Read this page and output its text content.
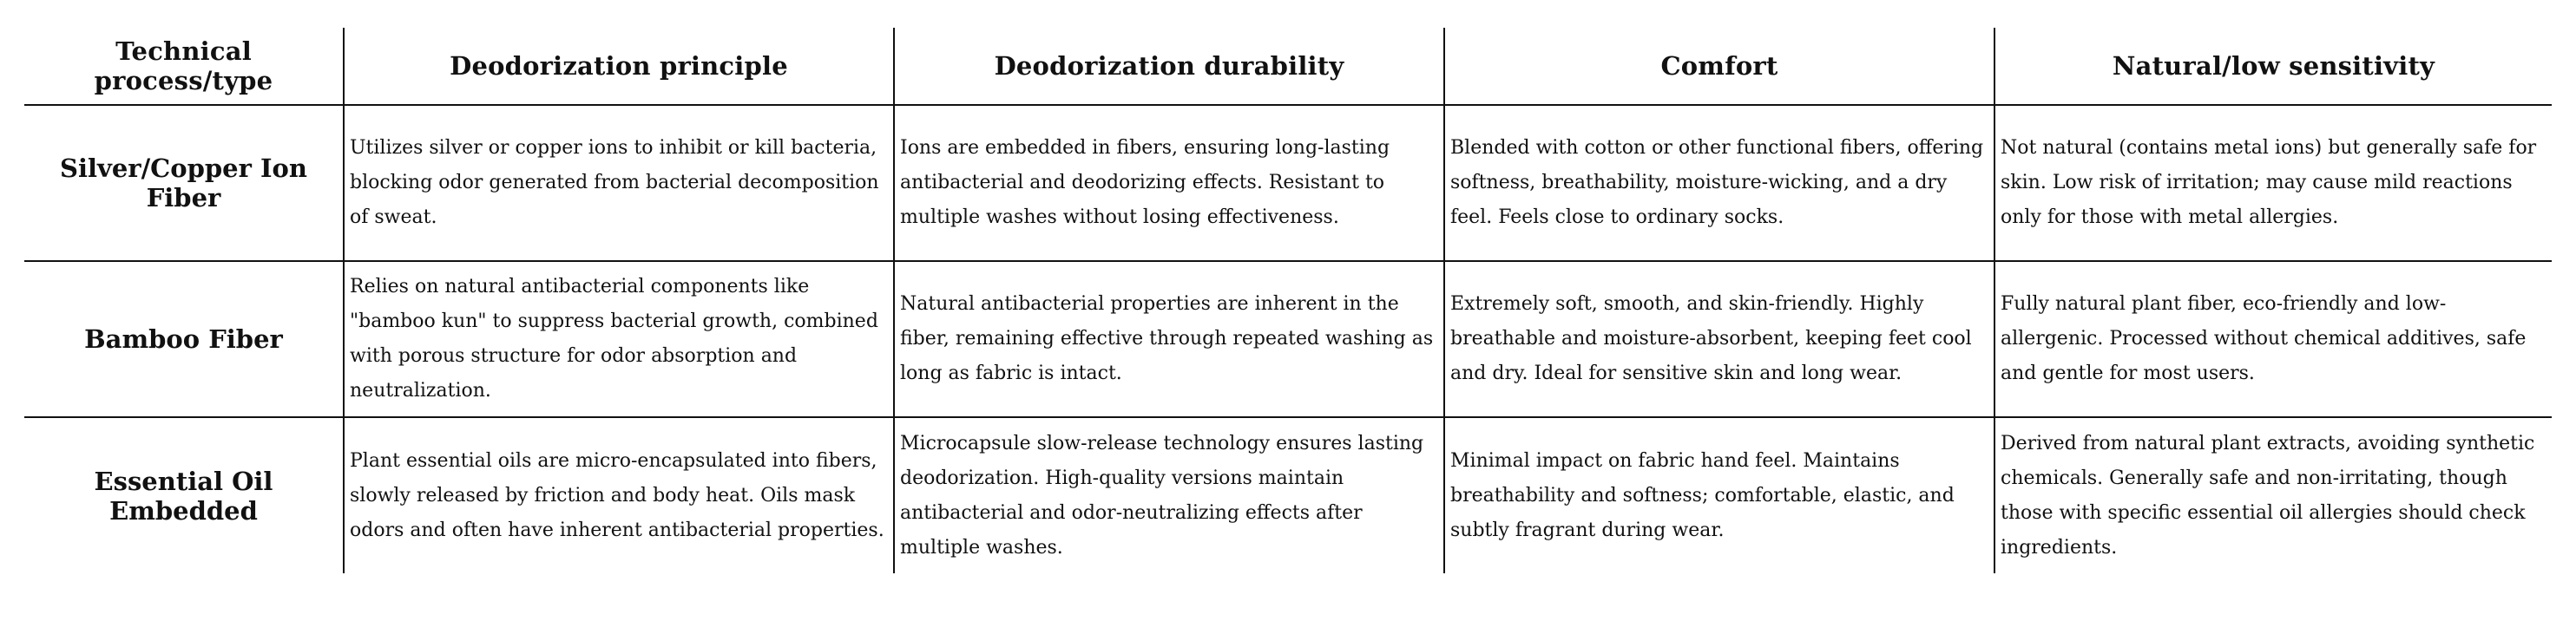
Technical process/type	Deodorization principle	Deodorization durability	Comfort	Natural/low sensitivity
Silver/Copper Ion Fiber	Utilizes silver or copper ions to inhibit or kill bacteria, blocking odor generated from bacterial decomposition of sweat.	Ions are embedded in fibers, ensuring long-lasting antibacterial and deodorizing effects. Resistant to multiple washes without losing effectiveness.	Blended with cotton or other functional fibers, offering softness, breathability, moisture-wicking, and a dry feel. Feels close to ordinary socks.	Not natural (contains metal ions) but generally safe for skin. Low risk of irritation; may cause mild reactions only for those with metal allergies.
Bamboo Fiber	Relies on natural antibacterial components like "bamboo kun" to suppress bacterial growth, combined with porous structure for odor absorption and neutralization.	Natural antibacterial properties are inherent in the fiber, remaining effective through repeated washing as long as fabric is intact.	Extremely soft, smooth, and skin-friendly. Highly breathable and moisture-absorbent, keeping feet cool and dry. Ideal for sensitive skin and long wear.	Fully natural plant fiber, eco-friendly and low-allergenic. Processed without chemical additives, safe and gentle for most users.
Essential Oil Embedded	Plant essential oils are micro-encapsulated into fibers, slowly released by friction and body heat. Oils mask odors and often have inherent antibacterial properties.	Microcapsule slow-release technology ensures lasting deodorization. High-quality versions maintain antibacterial and odor-neutralizing effects after multiple washes.	Minimal impact on fabric hand feel. Maintains breathability and softness; comfortable, elastic, and subtly fragrant during wear.	Derived from natural plant extracts, avoiding synthetic chemicals. Generally safe and non-irritating, though those with specific essential oil allergies should check ingredients.
